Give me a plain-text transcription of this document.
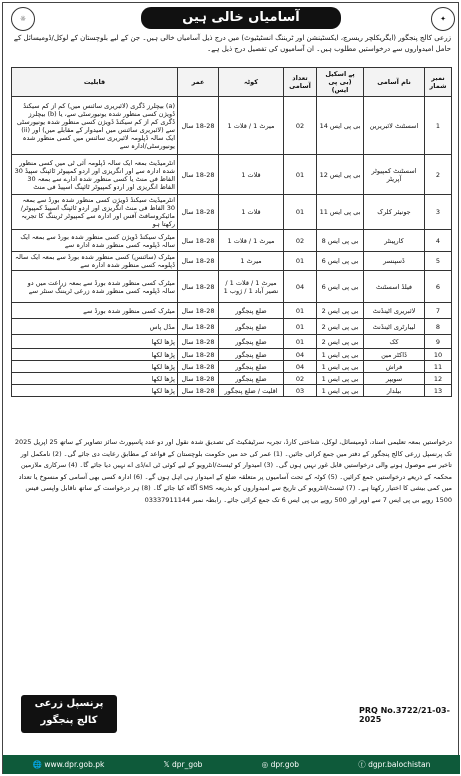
☼	✦
آسامیاں خالی ہیں
زرعی کالج پنجگور (ایگریکلچر ریسرچ، ایکسٹینشن اور ٹریننگ انسٹیٹیوٹ) میں درج ذیل آسامیاں خالی ہیں۔ جن کے لیے بلوچستان کے لوکل/ڈومیسائل کے حامل امیدواروں سے درخواستیں مطلوب ہیں۔ ان آسامیوں کی تفصیل درج ذیل ہے۔
نمبر شمار	نام آسامی	پے اسکیل (بی پی ایس)	تعداد آسامی	کوٹہ	عمر	قابلیت
1	اسسٹنٹ لائبریرین	بی پی ایس 14	02	میرٹ 1 / قلات 1	18-28 سال	(a) بیچلرز ڈگری (لائبریری سائنس میں) کم از کم سیکنڈ ڈویژن کسی منظور شدہ یونیورسٹی سے، یا (b) بیچلرز ڈگری کم از کم سیکنڈ ڈویژن کسی منظور شدہ یونیورسٹی سے (لائبریری سائنس میں امیدوار کے مقابلے میں) اور (ii) ایک سالہ ڈپلومہ لائبریری سائنس میں کسی منظور شدہ یونیورسٹی/ادارہ سے
2	اسسٹنٹ کمپیوٹر آپریٹر	بی پی ایس 12	01	قلات 1	18-28 سال	انٹرمیڈیٹ بمعہ ایک سالہ ڈپلومہ آئی ٹی میں کسی منظور شدہ ادارہ سے اور انگریزی اور اردو کمپیوٹر ٹائپنگ سپیڈ 30 الفاظ فی منٹ یا کسی منظور شدہ ادارے سے بمعہ 30 الفاظ انگریزی اور اردو کمپیوٹر ٹائپنگ اسپیڈ فی منٹ
3	جونیئر کلرک	بی پی ایس 11	01	قلات 1	18-28 سال	انٹرمیڈیٹ سیکنڈ ڈویژن کسی منظور شدہ بورڈ سے بمعہ 30 الفاظ فی منٹ انگریزی اور اردو ٹائپنگ اسپیڈ کمپیوٹر/مائیکروسافٹ آفس اور ادارہ سے کمپیوٹر ٹریننگ کا تجربہ رکھتا ہو
4	کارپینٹر	بی پی ایس 8	02	میرٹ 1 / قلات 1	18-28 سال	میٹرک سیکنڈ ڈویژن کسی منظور شدہ بورڈ سے بمعہ ایک سالہ ڈپلومہ کسی منظور شدہ ادارہ سے
5	ڈسپنسر	بی پی ایس 6	01	میرٹ 1	18-28 سال	میٹرک (سائنس) کسی منظور شدہ بورڈ سے بمعہ ایک سالہ ڈپلومہ کسی منظور شدہ ادارہ سے
6	فیلڈ اسسٹنٹ	بی پی ایس 6	04	میرٹ 1 / قلات 1 / نصیر آباد 1 / ژوب 1	18-28 سال	میٹرک کسی منظور شدہ بورڈ سے بمعہ زراعت میں دو سالہ ڈپلومہ کسی منظور شدہ زرعی ٹریننگ سنٹر سے
7	لائبریری اٹینڈنٹ	بی پی ایس 2	01	ضلع پنجگور	18-28 سال	میٹرک کسی منظور شدہ بورڈ سے
8	لیبارٹری اٹینڈنٹ	بی پی ایس 2	01	ضلع پنجگور	18-28 سال	مڈل پاس
9	کک	بی پی ایس 2	01	ضلع پنجگور	18-28 سال	پڑھا لکھا
10	ڈاکٹر مین	بی پی ایس 1	04	ضلع پنجگور	18-28 سال	پڑھا لکھا
11	فراش	بی پی ایس 1	04	ضلع پنجگور	18-28 سال	پڑھا لکھا
12	سویپر	بی پی ایس 1	02	ضلع پنجگور	18-28 سال	پڑھا لکھا
13	بیلدار	بی پی ایس 1	03	اقلیت / ضلع پنجگور	18-28 سال	پڑھا لکھا
درخواستیں بمعہ تعلیمی اسناد، ڈومیسائل، لوکل، شناختی کارڈ، تجربہ سرٹیفکیٹ کی تصدیق شدہ نقول اور دو عدد پاسپورٹ سائز تصاویر کے ساتھ 25 اپریل 2025 تک پرنسپل زرعی کالج پنجگور کے دفتر میں جمع کرائی جائیں۔ (1) عمر کی حد میں حکومت بلوچستان کے قواعد کے مطابق رعایت دی جائے گی۔ (2) نامکمل اور تاخیر سے موصول ہونے والی درخواستیں قابل غور نہیں ہوں گی۔ (3) امیدوار کو ٹیسٹ/انٹرویو کے لیے کوئی ٹی اے/ڈی اے نہیں دیا جائے گا۔ (4) سرکاری ملازمین محکمہ کے ذریعے درخواستیں جمع کرائیں۔ (5) کوٹہ کے تحت آسامیوں پر متعلقہ ضلع کے امیدوار ہی اہل ہوں گے۔ (6) ادارہ کسی بھی آسامی کو منسوخ یا تعداد میں کمی بیشی کا اختیار رکھتا ہے۔ (7) ٹیسٹ/انٹرویو کی تاریخ سے امیدواروں کو بذریعہ SMS آگاہ کیا جائے گا۔ (8) ہر درخواست کے ساتھ ناقابل واپسی فیس 1500 روپے بی پی ایس 7 سے اوپر اور 500 روپے بی پی ایس 6 تک جمع کرائی جائے۔ رابطہ نمبر 03337911144
پرنسپل زرعی
کالج پنجگور
PRQ No.3722/21-03-2025
🌐 www.dpr.gob.pk	𝕏 dpr_gob	◎ dpr.gob	ⓕ dgpr.balochistan
